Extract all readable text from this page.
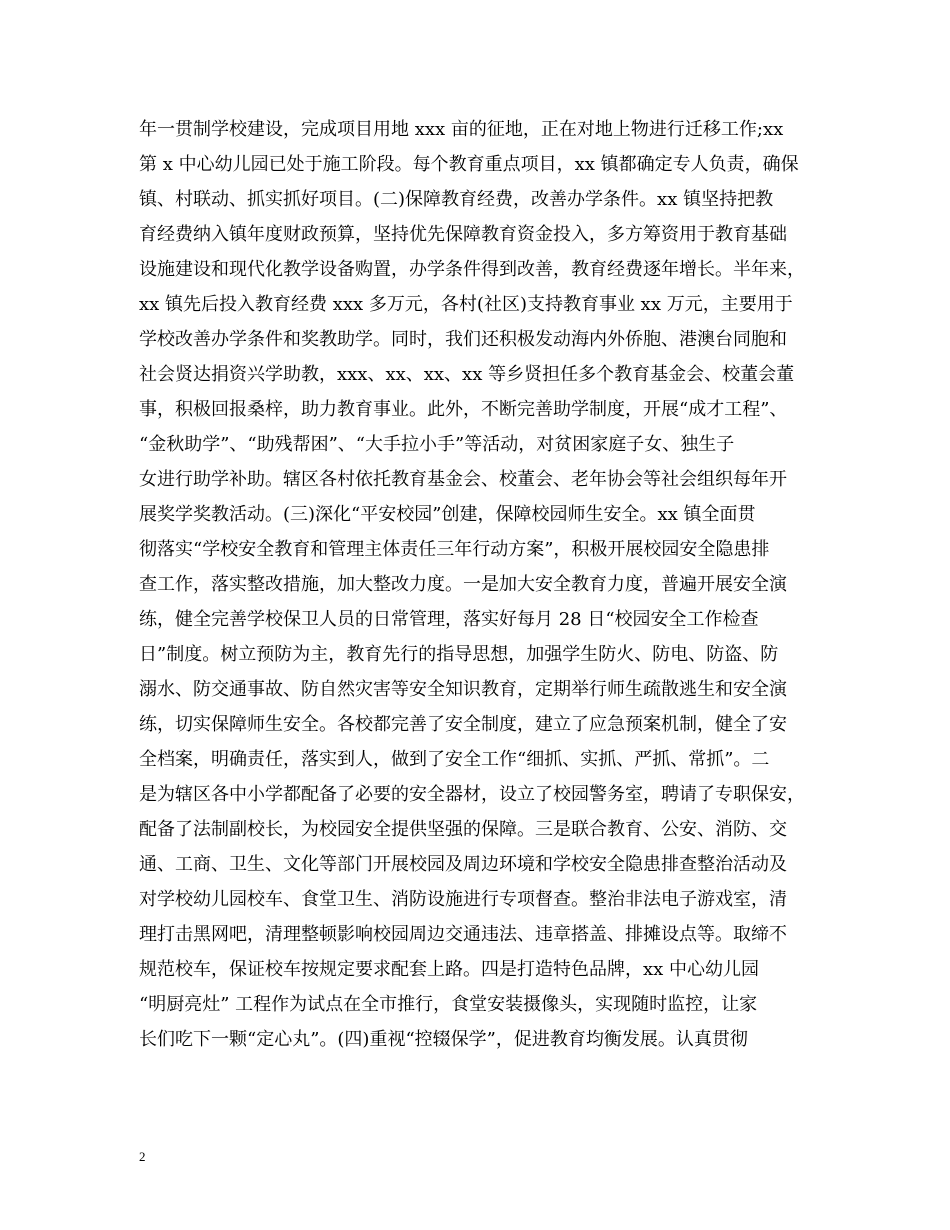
年一贯制学校建设，完成项目用地 xxx 亩的征地，正在对地上物进行迁移工作;xx
第 x 中心幼儿园已处于施工阶段。每个教育重点项目，xx 镇都确定专人负责，确保
镇、村联动、抓实抓好项目。(二)保障教育经费，改善办学条件。xx 镇坚持把教
育经费纳入镇年度财政预算，坚持优先保障教育资金投入，多方筹资用于教育基础
设施建设和现代化教学设备购置，办学条件得到改善，教育经费逐年增长。半年来，
xx 镇先后投入教育经费 xxx 多万元，各村(社区)支持教育事业 xx 万元，主要用于
学校改善办学条件和奖教助学。同时，我们还积极发动海内外侨胞、港澳台同胞和
社会贤达捐资兴学助教，xxx、xx、xx、xx 等乡贤担任多个教育基金会、校董会董
事，积极回报桑梓，助力教育事业。此外，不断完善助学制度，开展“成才工程”、
“金秋助学”、“助残帮困”、“大手拉小手”等活动，对贫困家庭子女、独生子
女进行助学补助。辖区各村依托教育基金会、校董会、老年协会等社会组织每年开
展奖学奖教活动。(三)深化“平安校园”创建，保障校园师生安全。xx 镇全面贯
彻落实“学校安全教育和管理主体责任三年行动方案”，积极开展校园安全隐患排
查工作，落实整改措施，加大整改力度。一是加大安全教育力度，普遍开展安全演
练，健全完善学校保卫人员的日常管理，落实好每月 28 日“校园安全工作检查
日”制度。树立预防为主，教育先行的指导思想，加强学生防火、防电、防盗、防
溺水、防交通事故、防自然灾害等安全知识教育，定期举行师生疏散逃生和安全演
练，切实保障师生安全。各校都完善了安全制度，建立了应急预案机制，健全了安
全档案，明确责任，落实到人，做到了安全工作“细抓、实抓、严抓、常抓”。二
是为辖区各中小学都配备了必要的安全器材，设立了校园警务室，聘请了专职保安，
配备了法制副校长，为校园安全提供坚强的保障。三是联合教育、公安、消防、交
通、工商、卫生、文化等部门开展校园及周边环境和学校安全隐患排查整治活动及
对学校幼儿园校车、食堂卫生、消防设施进行专项督查。整治非法电子游戏室，清
理打击黑网吧，清理整顿影响校园周边交通违法、违章搭盖、排摊设点等。取缔不
规范校车，保证校车按规定要求配套上路。四是打造特色品牌，xx 中心幼儿园
“明厨亮灶” 工程作为试点在全市推行，食堂安装摄像头，实现随时监控，让家
长们吃下一颗“定心丸”。(四)重视“控辍保学”，促进教育均衡发展。认真贯彻
2
